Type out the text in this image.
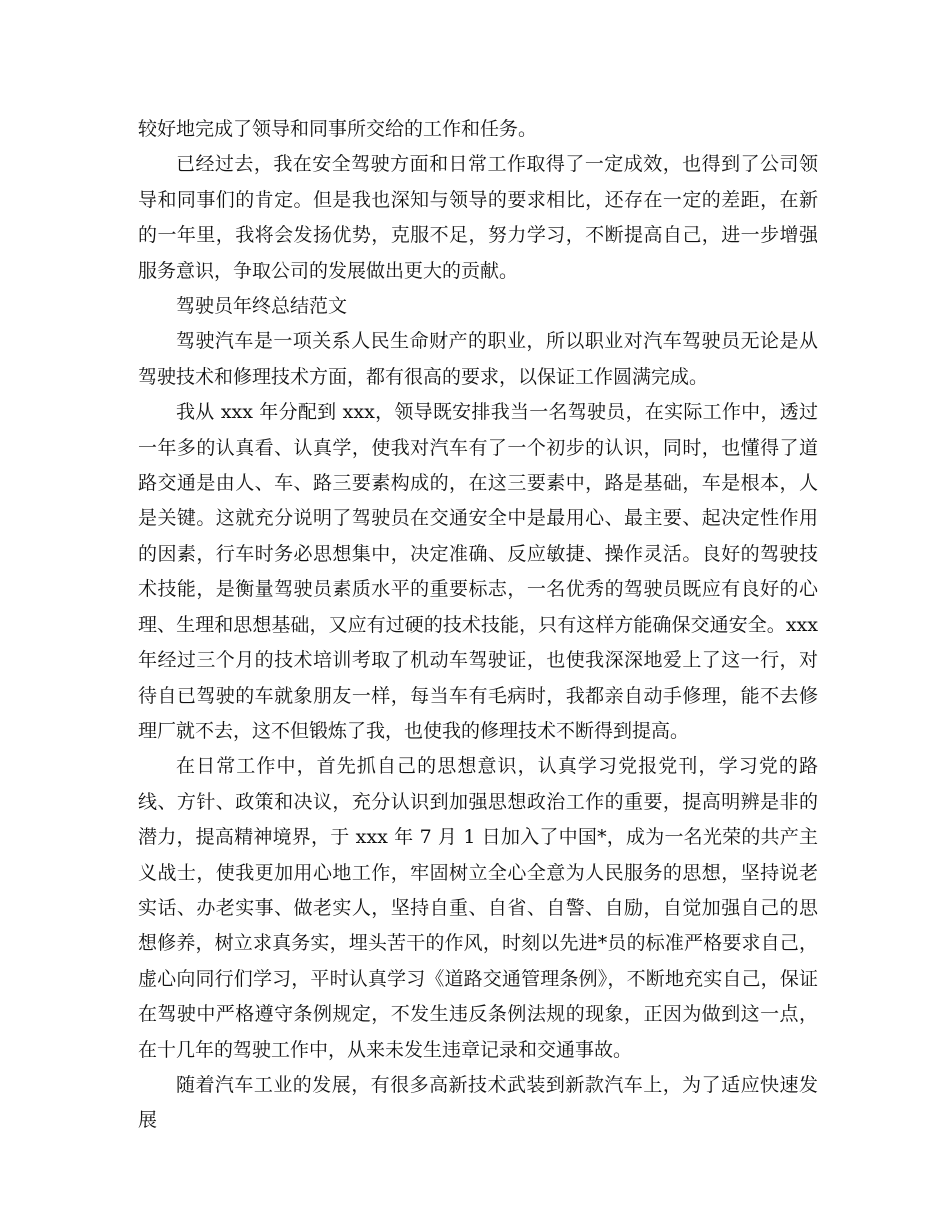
较好地完成了领导和同事所交给的工作和任务。

已经过去，我在安全驾驶方面和日常工作取得了一定成效，也得到了公司领导和同事们的肯定。但是我也深知与领导的要求相比，还存在一定的差距，在新的一年里，我将会发扬优势，克服不足，努力学习，不断提高自己，进一步增强服务意识，争取公司的发展做出更大的贡献。

驾驶员年终总结范文

驾驶汽车是一项关系人民生命财产的职业，所以职业对汽车驾驶员无论是从驾驶技术和修理技术方面，都有很高的要求，以保证工作圆满完成。

我从 xxx 年分配到 xxx，领导既安排我当一名驾驶员，在实际工作中，透过一年多的认真看、认真学，使我对汽车有了一个初步的认识，同时，也懂得了道路交通是由人、车、路三要素构成的，在这三要素中，路是基础，车是根本，人是关键。这就充分说明了驾驶员在交通安全中是最用心、最主要、起决定性作用的因素，行车时务必思想集中，决定准确、反应敏捷、操作灵活。良好的驾驶技术技能，是衡量驾驶员素质水平的重要标志，一名优秀的驾驶员既应有良好的心理、生理和思想基础，又应有过硬的技术技能，只有这样方能确保交通安全。xxx 年经过三个月的技术培训考取了机动车驾驶证，也使我深深地爱上了这一行，对待自已驾驶的车就象朋友一样，每当车有毛病时，我都亲自动手修理，能不去修理厂就不去，这不但锻炼了我，也使我的修理技术不断得到提高。

在日常工作中，首先抓自己的思想意识，认真学习党报党刊，学习党的路线、方针、政策和决议，充分认识到加强思想政治工作的重要，提高明辨是非的潜力，提高精神境界，于 xxx 年 7 月 1 日加入了中国*，成为一名光荣的共产主义战士，使我更加用心地工作，牢固树立全心全意为人民服务的思想，坚持说老实话、办老实事、做老实人，坚持自重、自省、自警、自励，自觉加强自己的思想修养，树立求真务实，埋头苦干的作风，时刻以先进*员的标准严格要求自己，虚心向同行们学习，平时认真学习《道路交通管理条例》，不断地充实自己，保证在驾驶中严格遵守条例规定，不发生违反条例法规的现象，正因为做到这一点，在十几年的驾驶工作中，从来未发生违章记录和交通事故。

随着汽车工业的发展，有很多高新技术武装到新款汽车上，为了适应快速发展
